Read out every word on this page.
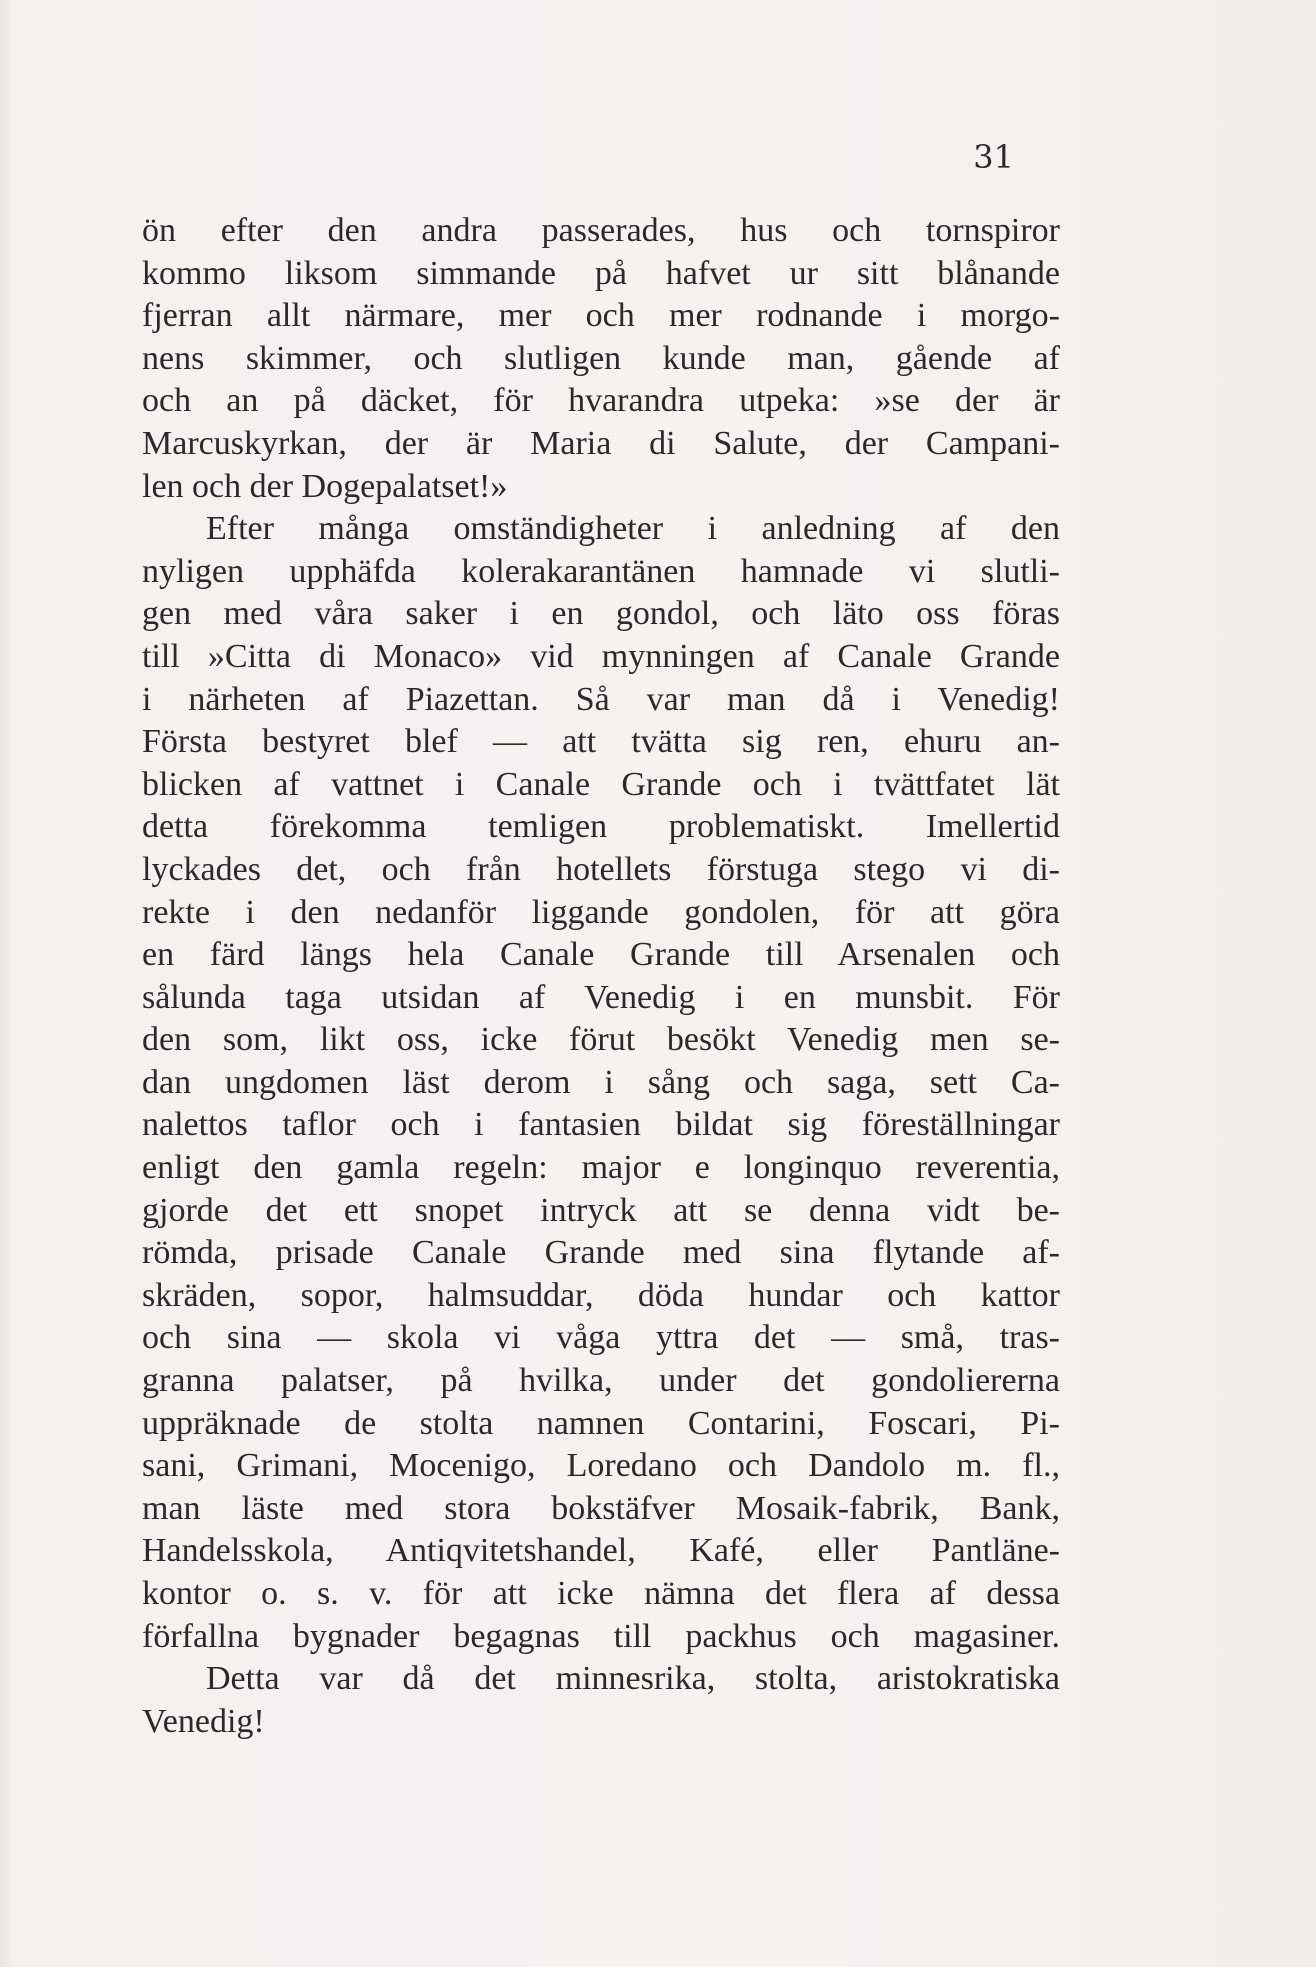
31

ön efter den andra passerades, hus och tornspiror
kommo liksom simmande på hafvet ur sitt blånande
fjerran allt närmare, mer och mer rodnande i morgo-
nens skimmer, och slutligen kunde man, gående af
och an på däcket, för hvarandra utpeka: »se der är
Marcuskyrkan, der är Maria di Salute, der Campani-
len och der Dogepalatset!»
Efter många omständigheter i anledning af den
nyligen upphäfda kolerakarantänen hamnade vi slutli-
gen med våra saker i en gondol, och läto oss föras
till »Citta di Monaco» vid mynningen af Canale Grande
i närheten af Piazettan. Så var man då i Venedig!
Första bestyret blef — att tvätta sig ren, ehuru an-
blicken af vattnet i Canale Grande och i tvättfatet lät
detta förekomma temligen problematiskt. Imellertid
lyckades det, och från hotellets förstuga stego vi di-
rekte i den nedanför liggande gondolen, för att göra
en färd längs hela Canale Grande till Arsenalen och
sålunda taga utsidan af Venedig i en munsbit. För
den som, likt oss, icke förut besökt Venedig men se-
dan ungdomen läst derom i sång och saga, sett Ca-
nalettos taflor och i fantasien bildat sig föreställningar
enligt den gamla regeln: major e longinquo reverentia,
gjorde det ett snopet intryck att se denna vidt be-
römda, prisade Canale Grande med sina flytande af-
skräden, sopor, halmsuddar, döda hundar och kattor
och sina — skola vi våga yttra det — små, tras-
granna palatser, på hvilka, under det gondoliererna
uppräknade de stolta namnen Contarini, Foscari, Pi-
sani, Grimani, Mocenigo, Loredano och Dandolo m. fl.,
man läste med stora bokstäfver Mosaik-fabrik, Bank,
Handelsskola, Antiqvitetshandel, Kafé, eller Pantläne-
kontor o. s. v. för att icke nämna det flera af dessa
förfallna bygnader begagnas till packhus och magasiner.
Detta var då det minnesrika, stolta, aristokratiska
Venedig!
